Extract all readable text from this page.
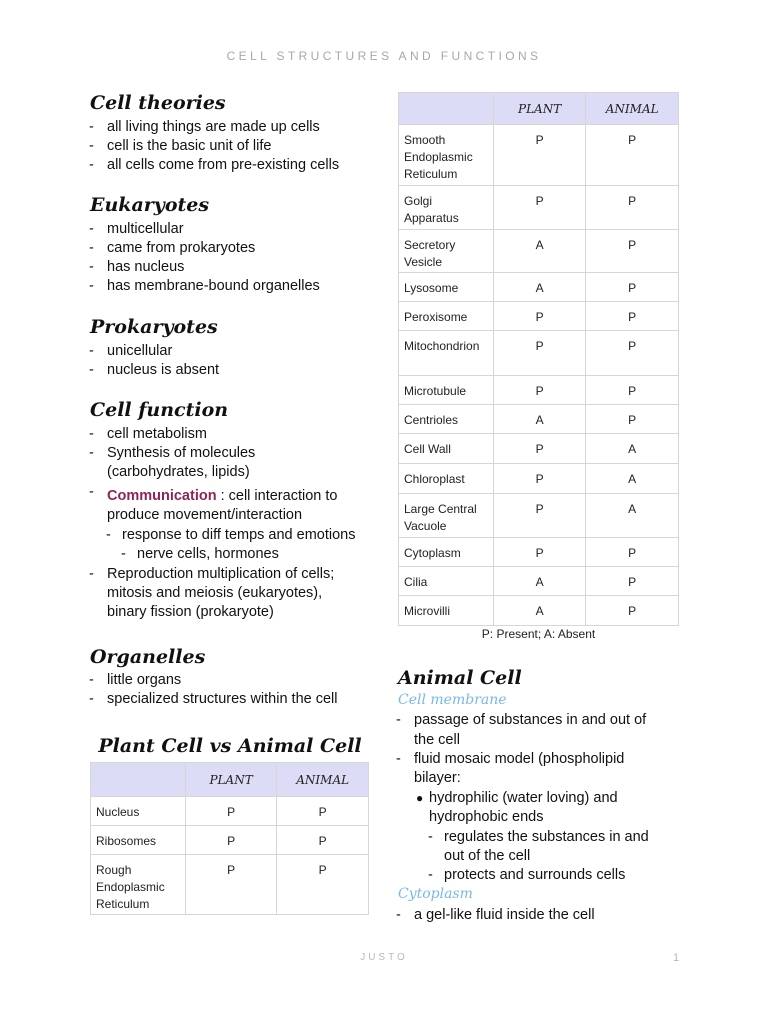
CELL STRUCTURES AND FUNCTIONS
Cell theories
- all living things are made up cells
- cell is the basic unit of life
- all cells come from pre-existing cells
Eukaryotes
- multicellular
- came from prokaryotes
- has nucleus
- has membrane-bound organelles
Prokaryotes
- unicellular
- nucleus is absent
Cell function
- cell metabolism
- Synthesis of molecules
(carbohydrates, lipids)
- Communication : cell interaction to
produce movement/interaction
- response to diff temps and emotions
- nerve cells, hormones
- Reproduction multiplication of cells;
mitosis and meiosis (eukaryotes),
binary fission (prokaryote)
Organelles
- little organs
- specialized structures within the cell
Plant Cell vs Animal Cell
	PLANT	ANIMAL
Nucleus	P	P
Ribosomes	P	P
Rough Endoplasmic Reticulum	P	P
	PLANT	ANIMAL
Smooth Endoplasmic Reticulum	P	P
Golgi Apparatus	P	P
Secretory Vesicle	A	P
Lysosome	A	P
Peroxisome	P	P
Mitochondrion	P	P
Microtubule	P	P
Centrioles	A	P
Cell Wall	P	A
Chloroplast	P	A
Large Central Vacuole	P	A
Cytoplasm	P	P
Cilia	A	P
Microvilli	A	P
P: Present; A: Absent
Animal Cell
Cell membrane
- passage of substances in and out of
the cell
- fluid mosaic model (phospholipid
bilayer:
● hydrophilic (water loving) and
hydrophobic ends
- regulates the substances in and
out of the cell
- protects and surrounds cells
Cytoplasm
- a gel-like fluid inside the cell
JUSTO	1
